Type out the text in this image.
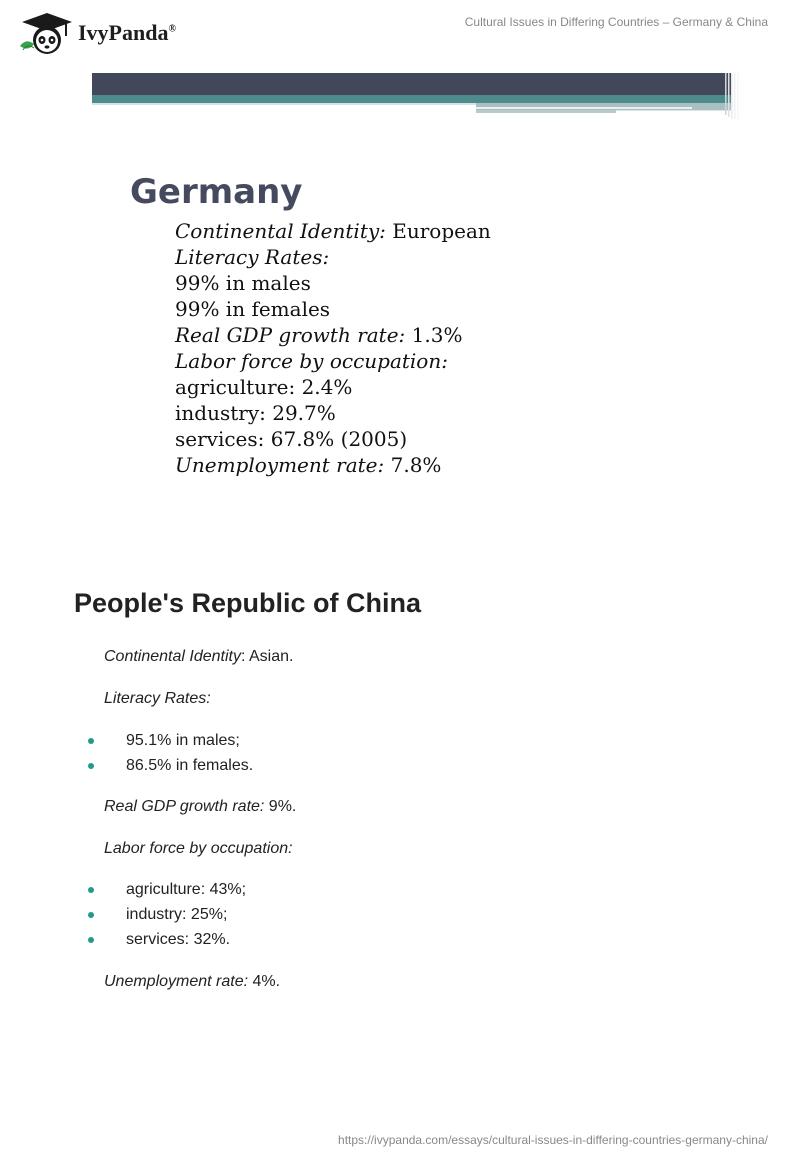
IvyPanda®
Cultural Issues in Differing Countries – Germany & China
Germany
Continental Identity: European
Literacy Rates:
99% in males
99% in females
Real GDP growth rate: 1.3%
Labor force by occupation:
agriculture: 2.4%
industry: 29.7%
services: 67.8% (2005)
Unemployment rate: 7.8%
People's Republic of China
Continental Identity: Asian.
Literacy Rates:
95.1% in males;
86.5% in females.
Real GDP growth rate: 9%.
Labor force by occupation:
agriculture: 43%;
industry: 25%;
services: 32%.
Unemployment rate: 4%.
https://ivypanda.com/essays/cultural-issues-in-differing-countries-germany-china/
